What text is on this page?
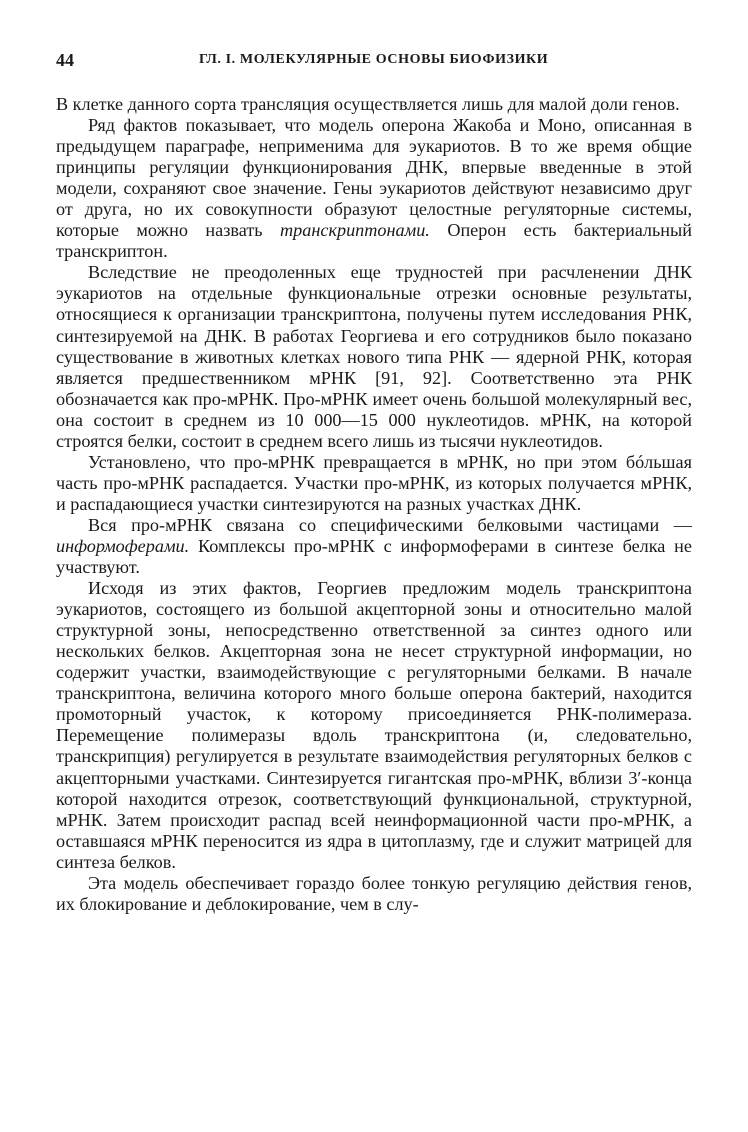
44	ГЛ. I. МОЛЕКУЛЯРНЫЕ ОСНОВЫ БИОФИЗИКИ

В клетке данного сорта трансляция осуществляется лишь для малой доли генов.

Ряд фактов показывает, что модель оперона Жакоба и Моно, описанная в предыдущем параграфе, неприменима для эукариотов. В то же время общие принципы регуляции функционирования ДНК, впервые введенные в этой модели, сохраняют свое значение. Гены эукариотов действуют независимо друг от друга, но их совокупности образуют целостные регуляторные системы, которые можно назвать транскриптонами. Оперон есть бактериальный транскриптон.

Вследствие не преодоленных еще трудностей при расчленении ДНК эукариотов на отдельные функциональные отрезки основные результаты, относящиеся к организации транскриптона, получены путем исследования РНК, синтезируемой на ДНК. В работах Георгиева и его сотрудников было показано существование в животных клетках нового типа РНК — ядерной РНК, которая является предшественником мРНК [91, 92]. Соответственно эта РНК обозначается как про-мРНК. Про-мРНК имеет очень большой молекулярный вес, она состоит в среднем из 10 000—15 000 нуклеотидов. мРНК, на которой строятся белки, состоит в среднем всего лишь из тысячи нуклеотидов.

Установлено, что про-мРНК превращается в мРНК, но при этом бóльшая часть про-мРНК распадается. Участки про-мРНК, из которых получается мРНК, и распадающиеся участки синтезируются на разных участках ДНК.

Вся про-мРНК связана со специфическими белковыми частицами — информоферами. Комплексы про-мРНК с информоферами в синтезе белка не участвуют.

Исходя из этих фактов, Георгиев предложим модель транскриптона эукариотов, состоящего из большой акцепторной зоны и относительно малой структурной зоны, непосредственно ответственной за синтез одного или нескольких белков. Акцепторная зона не несет структурной информации, но содержит участки, взаимодействующие с регуляторными белками. В начале транскриптона, величина которого много больше оперона бактерий, находится промоторный участок, к которому присоединяется РНК-полимераза. Перемещение полимеразы вдоль транскриптона (и, следовательно, транскрипция) регулируется в результате взаимодействия регуляторных белков с акцепторными участками. Синтезируется гигантская про-мРНК, вблизи 3′-конца которой находится отрезок, соответствующий функциональной, структурной, мРНК. Затем происходит распад всей неинформационной части про-мРНК, а оставшаяся мРНК переносится из ядра в цитоплазму, где и служит матрицей для синтеза белков.

Эта модель обеспечивает гораздо более тонкую регуляцию действия генов, их блокирование и деблокирование, чем в слу-
